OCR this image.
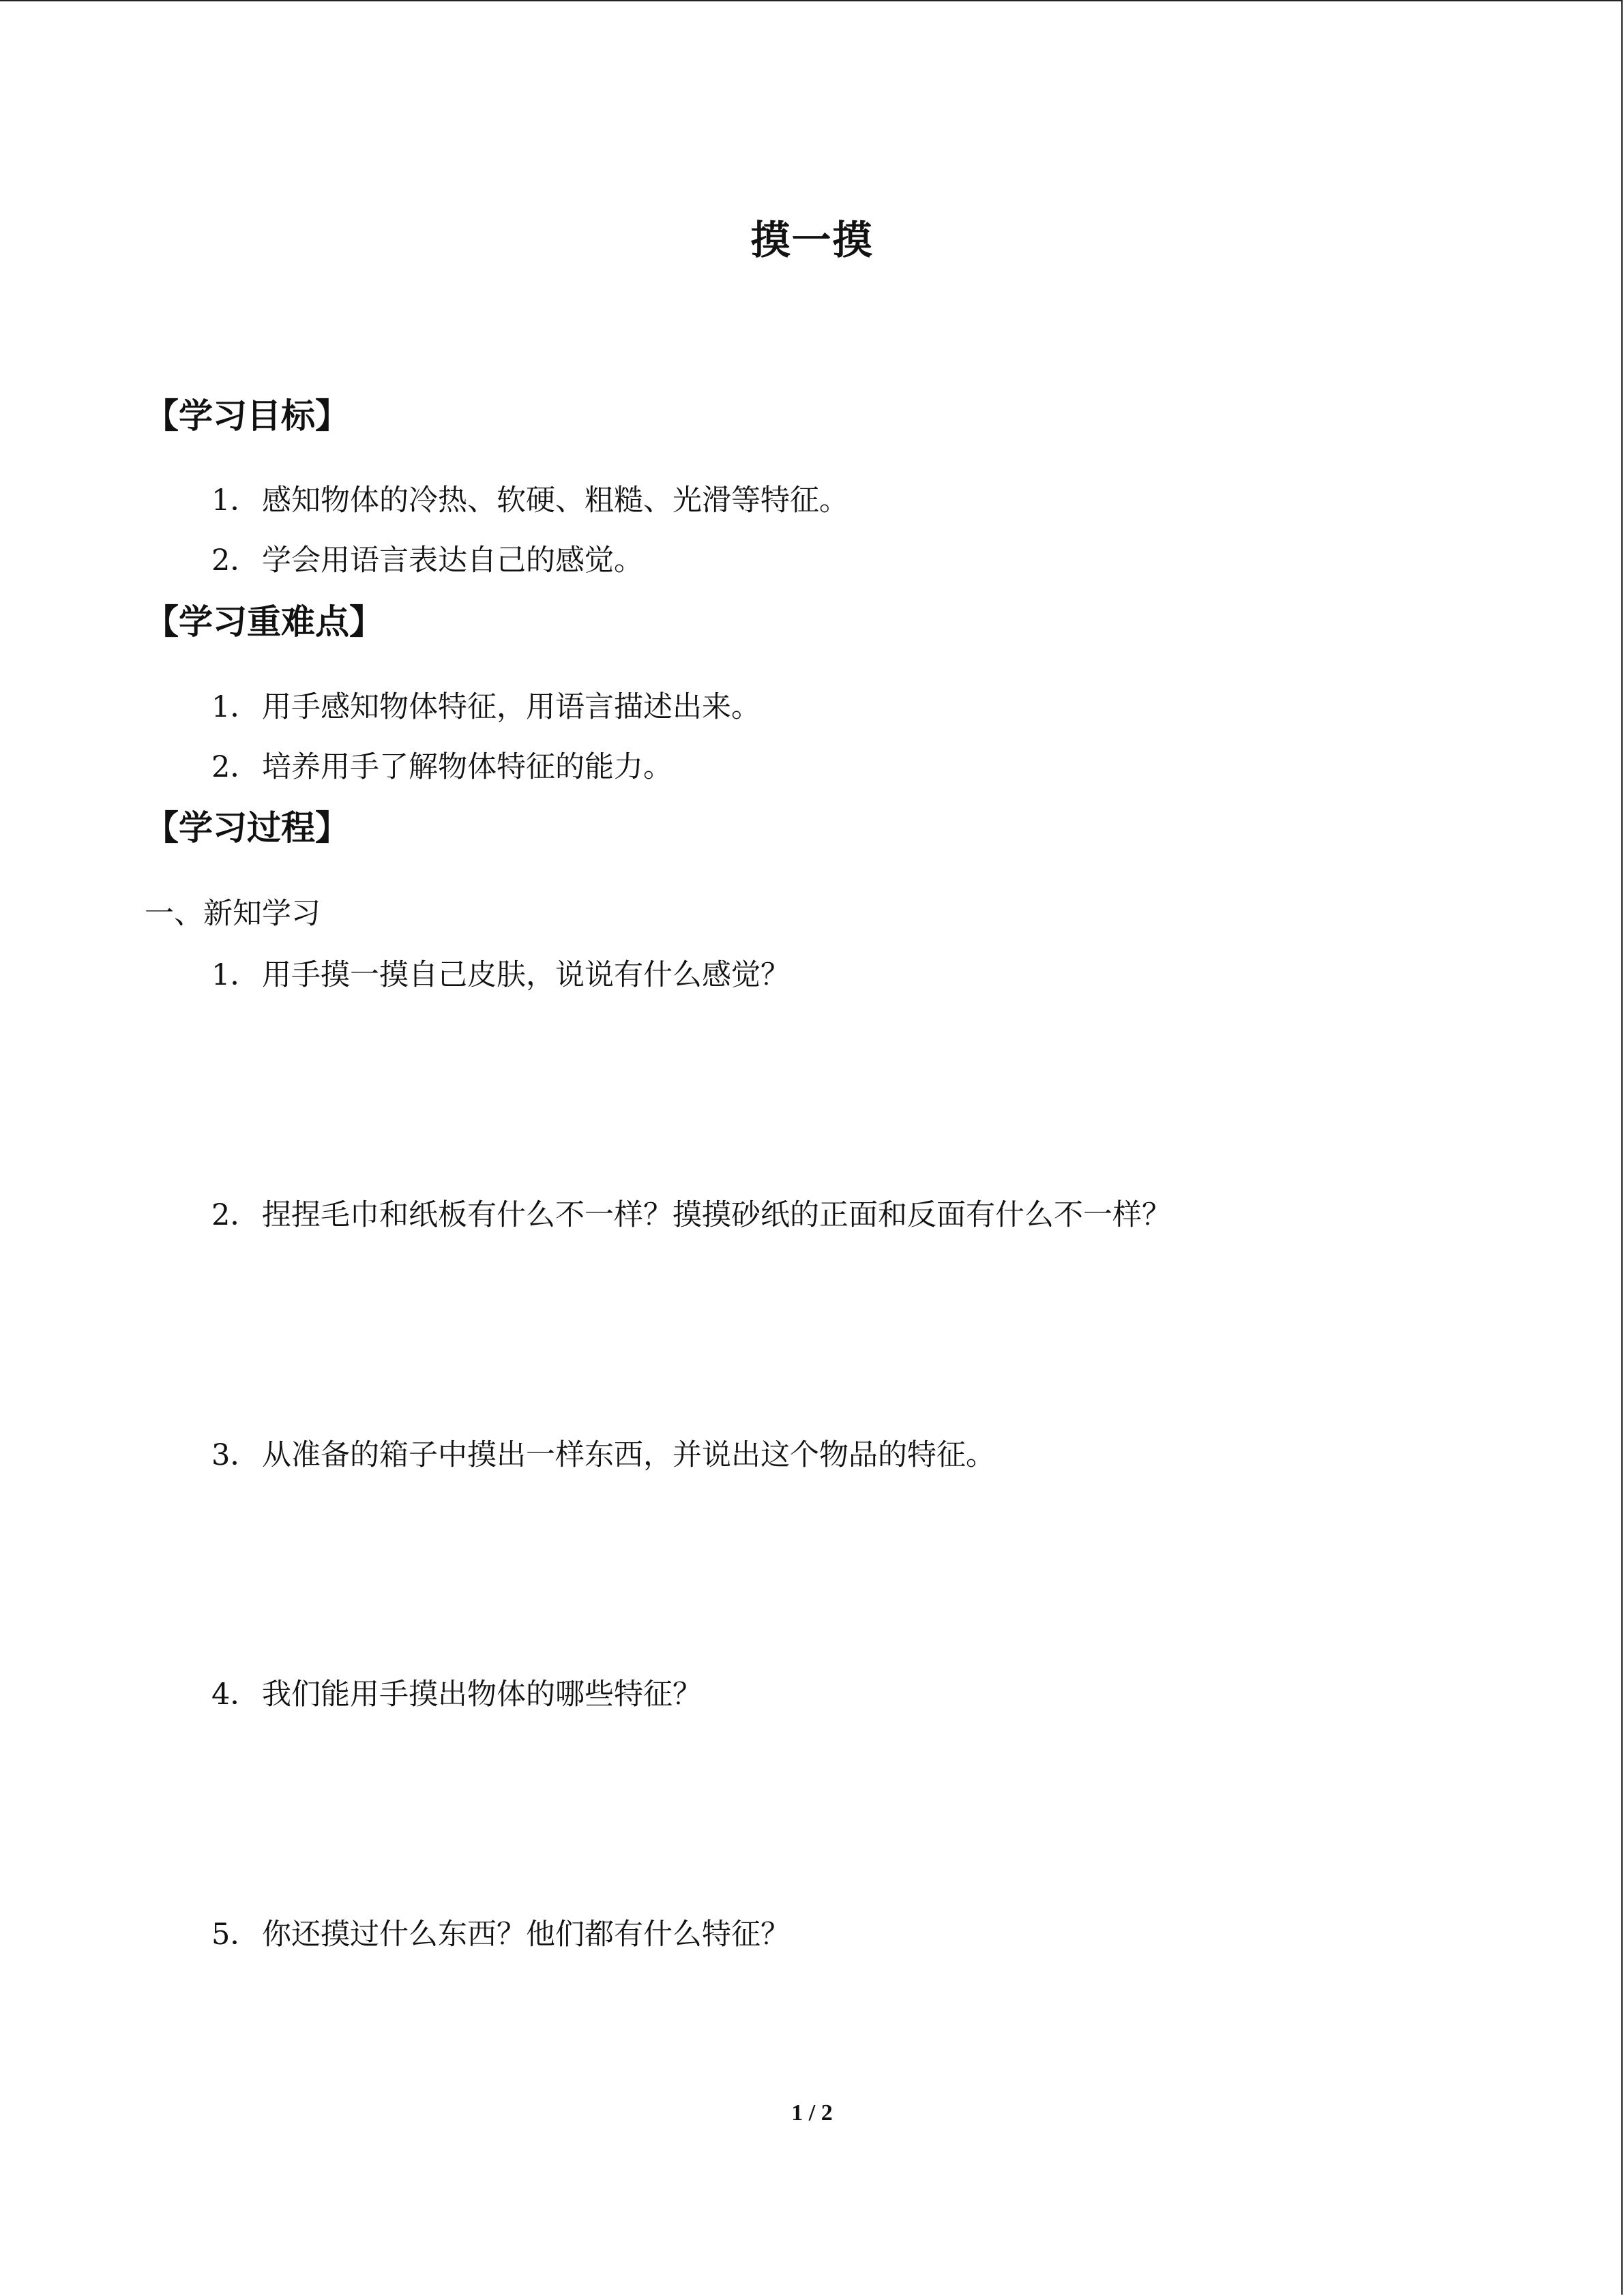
摸一摸
【学习目标】
1．感知物体的冷热、软硬、粗糙、光滑等特征。
2．学会用语言表达自己的感觉。
【学习重难点】
1．用手感知物体特征，用语言描述出来。
2．培养用手了解物体特征的能力。
【学习过程】
一、新知学习
1．用手摸一摸自己皮肤，说说有什么感觉？
2．捏捏毛巾和纸板有什么不一样？摸摸砂纸的正面和反面有什么不一样？
3．从准备的箱子中摸出一样东西，并说出这个物品的特征。
4．我们能用手摸出物体的哪些特征？
5．你还摸过什么东西？他们都有什么特征？
1 / 2
